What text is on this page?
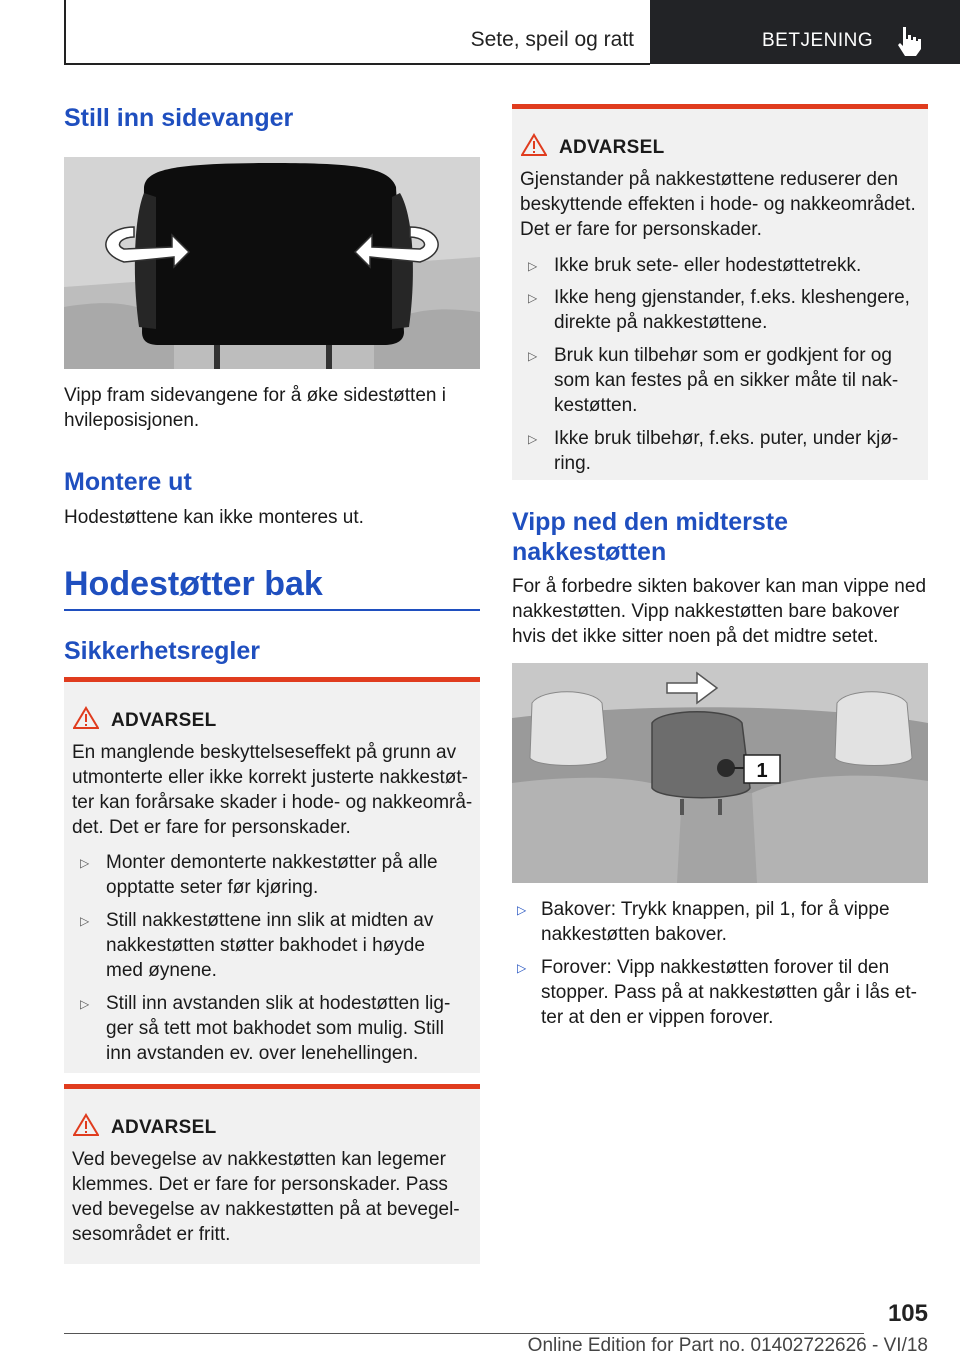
Sete, speil og ratt	BETJENING
Still inn sidevanger
Vipp fram sidevangene for å øke sidestøtten i
hvileposisjonen.
Montere ut
Hodestøttene kan ikke monteres ut.
Hodestøtter bak
Sikkerhetsregler
ADVARSEL
En manglende beskyttelseseffekt på grunn av
utmonterte eller ikke korrekt justerte nakkestøt-
ter kan forårsake skader i hode- og nakkeområ-
det. Det er fare for personskader.
▷ Monter demonterte nakkestøtter på alle
opptatte seter før kjøring.
▷ Still nakkestøttene inn slik at midten av
nakkestøtten støtter bakhodet i høyde
med øynene.
▷ Still inn avstanden slik at hodestøtten lig-
ger så tett mot bakhodet som mulig. Still
inn avstanden ev. over lenehellingen.
ADVARSEL
Ved bevegelse av nakkestøtten kan legemer
klemmes. Det er fare for personskader. Pass
ved bevegelse av nakkestøtten på at bevegel-
sesområdet er fritt.
ADVARSEL
Gjenstander på nakkestøttene reduserer den
beskyttende effekten i hode- og nakkeområdet.
Det er fare for personskader.
▷ Ikke bruk sete- eller hodestøttetrekk.
▷ Ikke heng gjenstander, f.eks. kleshengere,
direkte på nakkestøttene.
▷ Bruk kun tilbehør som er godkjent for og
som kan festes på en sikker måte til nak-
kestøtten.
▷ Ikke bruk tilbehør, f.eks. puter, under kjø-
ring.
Vipp ned den midterste
nakkestøtten
For å forbedre sikten bakover kan man vippe ned
nakkestøtten. Vipp nakkestøtten bare bakover
hvis det ikke sitter noen på det midtre setet.
1
▷ Bakover: Trykk knappen, pil 1, for å vippe
nakkestøtten bakover.
▷ Forover: Vipp nakkestøtten forover til den
stopper. Pass på at nakkestøtten går i lås et-
ter at den er vippen forover.
105
Online Edition for Part no. 01402722626 - VI/18
